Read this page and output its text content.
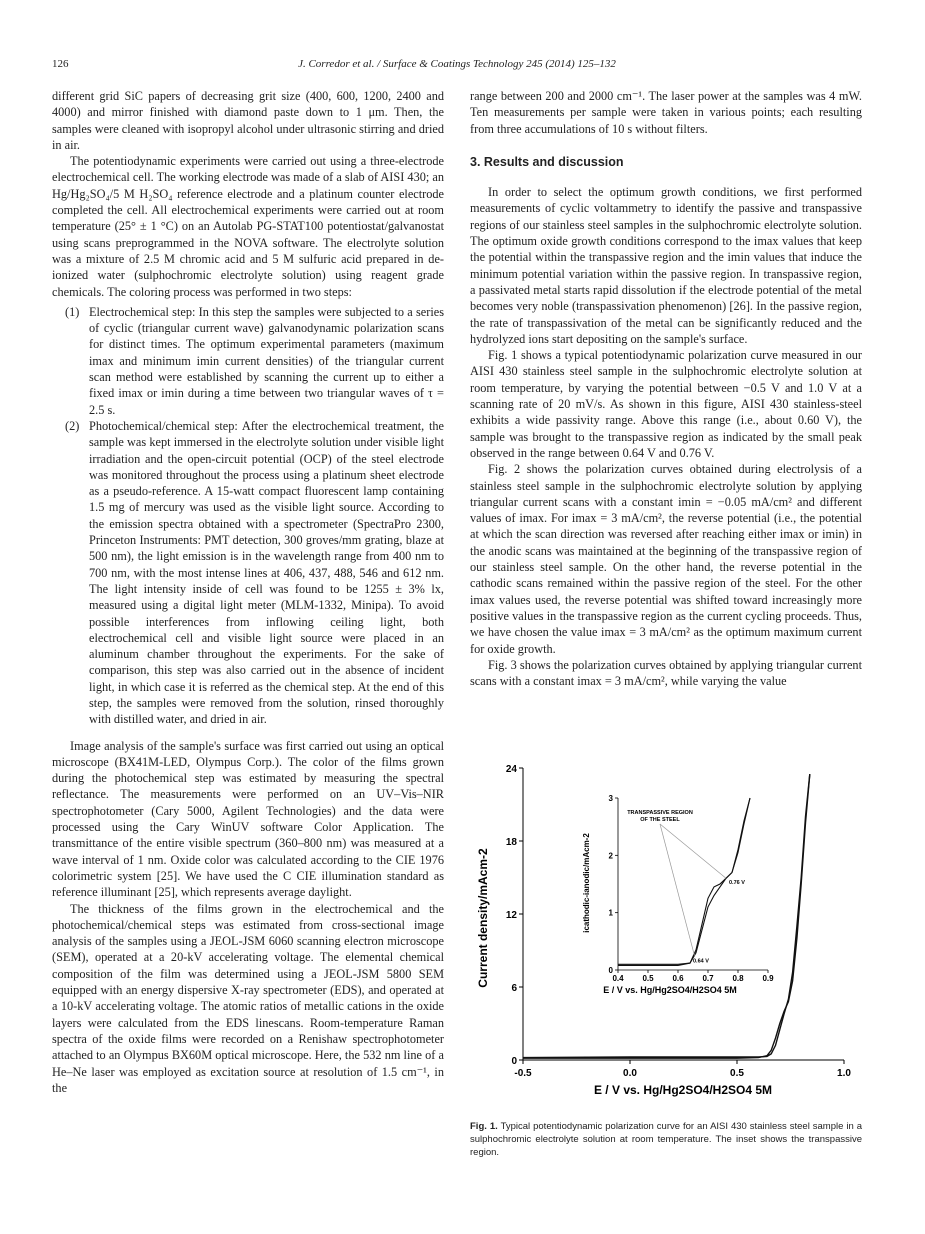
126	J. Corredor et al. / Surface & Coatings Technology 245 (2014) 125–132

different grid SiC papers of decreasing grit size (400, 600, 1200, 2400 and 4000) and mirror finished with diamond paste down to 1 μm. Then, the samples were cleaned with isopropyl alcohol under ultrasonic stirring and dried in air.

The potentiodynamic experiments were carried out using a three-electrode electrochemical cell. The working electrode was made of a slab of AISI 430; an Hg/Hg₂SO₄/5 M H₂SO₄ reference electrode and a platinum counter electrode completed the cell. All electrochemical experiments were carried out at room temperature (25° ± 1 °C) on an Autolab PG-STAT100 potentiostat/galvanostat using scans preprogrammed in the NOVA software. The electrolyte solution was a mixture of 2.5 M chromic acid and 5 M sulfuric acid prepared in de-ionized water (sulphochromic electrolyte solution) using reagent grade chemicals. The coloring process was performed in two steps:

(1) Electrochemical step: In this step the samples were subjected to a series of cyclic (triangular current wave) galvanodynamic polarization scans for distinct times. The optimum experimental parameters (maximum imax and minimum imin current densities) of the triangular current scan method were established by scanning the current up to either a fixed imax or imin during a time between two triangular waves of τ = 2.5 s.
(2) Photochemical/chemical step: After the electrochemical treatment, the sample was kept immersed in the electrolyte solution under visible light irradiation and the open-circuit potential (OCP) of the steel electrode was monitored throughout the process using a platinum sheet electrode as a pseudo-reference. A 15-watt compact fluorescent lamp containing 1.5 mg of mercury was used as the visible light source. According to the emission spectra obtained with a spectrometer (SpectraPro 2300, Princeton Instruments: PMT detection, 300 groves/mm grating, blaze at 500 nm), the light emission is in the wavelength range from 400 nm to 700 nm, with the most intense lines at 406, 437, 488, 546 and 612 nm. The light intensity inside of cell was found to be 1255 ± 3% lx, measured using a digital light meter (MLM-1332, Minipa). To avoid possible interferences from inflowing ceiling light, both electrochemical cell and visible light source were placed in an aluminum chamber throughout the experiments. For the sake of comparison, this step was also carried out in the absence of incident light, in which case it is referred as the chemical step. At the end of this step, the samples were removed from the solution, rinsed thoroughly with distilled water, and dried in air.

Image analysis of the sample's surface was first carried out using an optical microscope (BX41M-LED, Olympus Corp.). The color of the films grown during the photochemical step was estimated by measuring the spectral reflectance. The measurements were performed on an UV–Vis–NIR spectrophotometer (Cary 5000, Agilent Technologies) and the data were processed using the Cary WinUV software Color Application. The transmittance of the entire visible spectrum (360–800 nm) was measured at a wave interval of 1 nm. Oxide color was calculated according to the CIE 1976 colorimetric system [25]. We have used the C CIE illumination standard as reference illuminant [25], which represents average daylight.

The thickness of the films grown in the electrochemical and the photochemical/chemical steps was estimated from cross-sectional image analysis of the samples using a JEOL-JSM 6060 scanning electron microscope (SEM), operated at a 20-kV accelerating voltage. The elemental chemical composition of the film was determined using a JEOL-JSM 5800 SEM equipped with an energy dispersive X-ray spectrometer (EDS), and operated at a 10-kV accelerating voltage. The atomic ratios of metallic cations in the oxide layers were calculated from the EDS linescans. Room-temperature Raman spectra of the oxide films were recorded on a Renishaw spectrophotometer attached to an Olympus BX60M optical microscope. Here, the 532 nm line of a He–Ne laser was employed as excitation source at resolution of 1.5 cm⁻¹, in the

range between 200 and 2000 cm⁻¹. The laser power at the samples was 4 mW. Ten measurements per sample were taken in various points; each resulting from three accumulations of 10 s without filters.

3. Results and discussion

In order to select the optimum growth conditions, we first performed measurements of cyclic voltammetry to identify the passive and transpassive regions of our stainless steel samples in the sulphochromic electrolyte solution. The optimum oxide growth conditions correspond to the imax values that keep the potential within the transpassive region and the imin values that induce the minimum potential variation within the passive region. In transpassive region, a passivated metal starts rapid dissolution if the electrode potential of the metal becomes very noble (transpassivation phenomenon) [26]. In the passive region, the rate of transpassivation of the metal can be significantly reduced and the hydrolyzed ions start depositing on the sample's surface.

Fig. 1 shows a typical potentiodynamic polarization curve measured in our AISI 430 stainless steel sample in the sulphochromic electrolyte solution at room temperature, by varying the potential between −0.5 V and 1.0 V at a scanning rate of 20 mV/s. As shown in this figure, AISI 430 stainless-steel exhibits a wide passivity range. Above this range (i.e., about 0.60 V), the sample was brought to the transpassive region as indicated by the small peak observed in the range between 0.64 V and 0.76 V.

Fig. 2 shows the polarization curves obtained during electrolysis of a stainless steel sample in the sulphochromic electrolyte solution by applying triangular current scans with a constant imin = −0.05 mA/cm² and different values of imax. For imax = 3 mA/cm², the reverse potential (i.e., the potential at which the scan direction was reversed after reaching either imax or imin) in the anodic scans was maintained at the beginning of the transpassive region of our stainless steel sample. On the other hand, the reverse potential in the cathodic scans remained within the passive region of the steel. For the other imax values used, the reverse potential was shifted toward increasingly more positive values in the transpassive region as the current cycling proceeds. Thus, we have chosen the value imax = 3 mA/cm² as the optimum maximum current for oxide growth.

Fig. 3 shows the polarization curves obtained by applying triangular current scans with a constant imax = 3 mA/cm², while varying the value

-0.5	0.0	0.5	1.0
0
6
12
18
24
Current density/mAcm-2
E / V vs. Hg/Hg2SO4/H2SO4 5M
0.4 0.5 0.6 0.7 0.8 0.9
0
1
2
3
icathodic-ianodic/mAcm-2
E / V vs. Hg/Hg2SO4/H2SO4 5M
TRANSPASSIVE REGION
OF THE STEEL
0.76 V
0.64 V
Fig. 1. Typical potentiodynamic polarization curve for an AISI 430 stainless steel sample in a sulphochromic electrolyte solution at room temperature. The inset shows the transpassive region.
